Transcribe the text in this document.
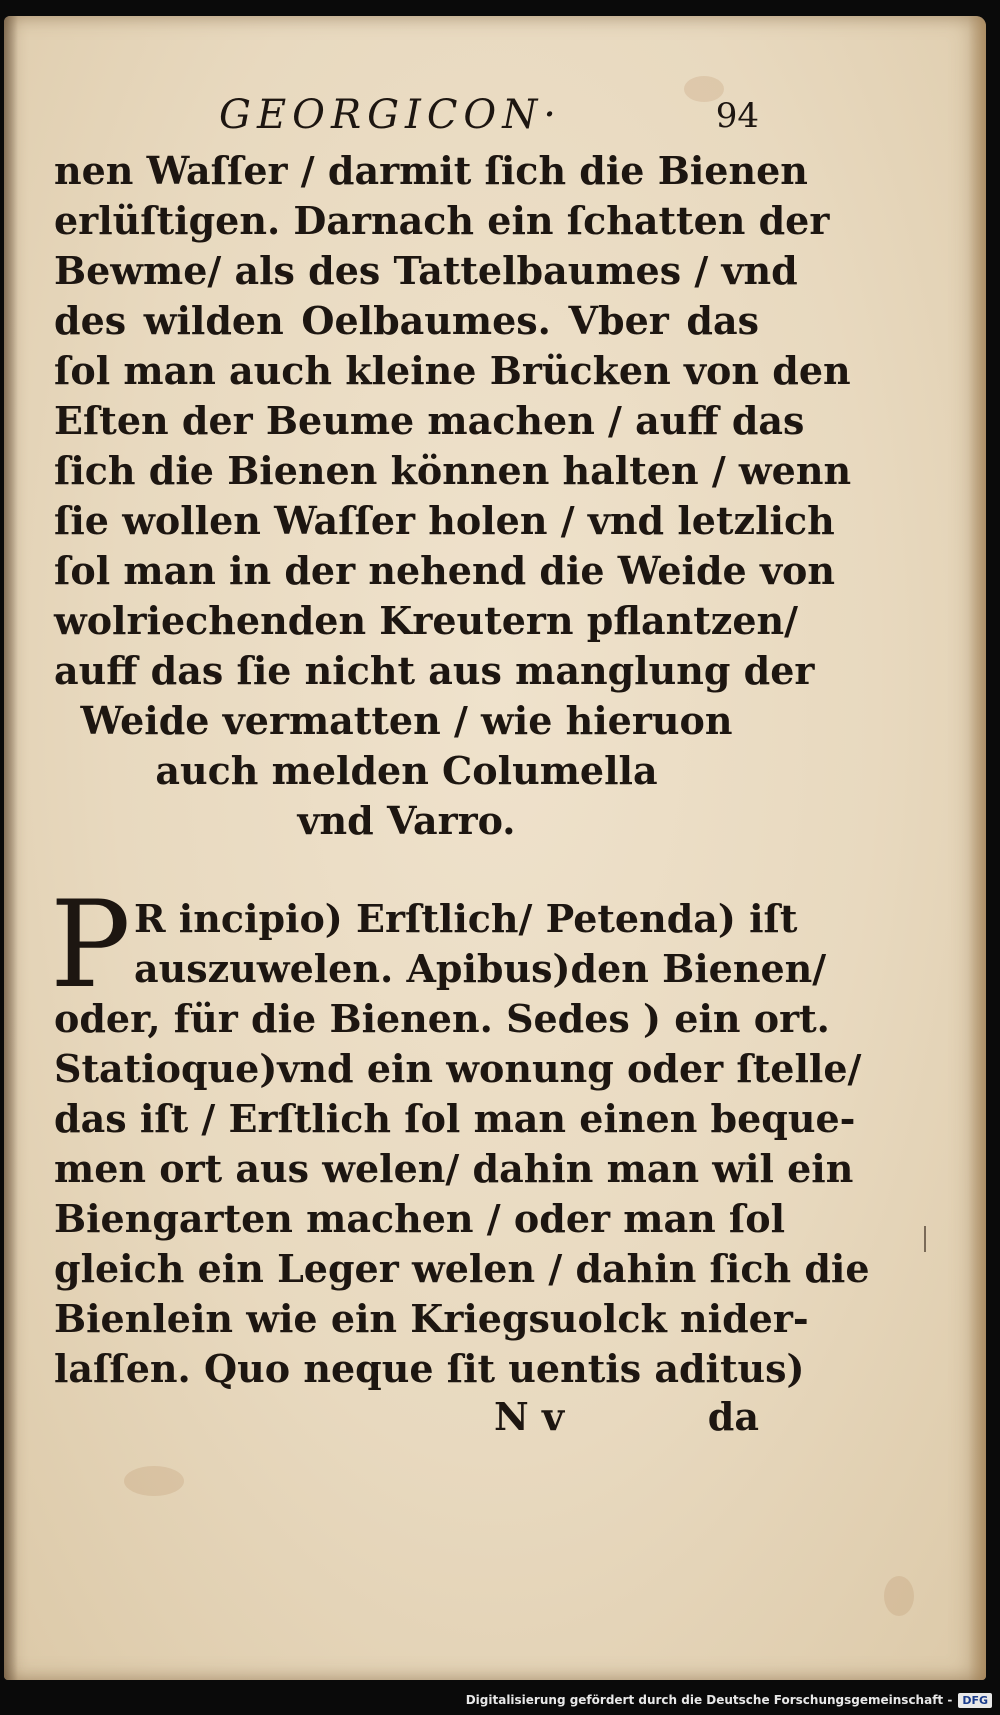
GEORGICON·	94
nen Waſſer / darmit ſich die Bienen
erlüſtigen. Darnach ein ſchatten der
Bewme/ als des Tattelbaumes / vnd
des wilden Oelbaumes. Vber das
ſol man auch kleine Brücken von den
Eſten der Beume machen / auff das
ſich die Bienen können halten / wenn
ſie wollen Waſſer holen / vnd letzlich
ſol man in der nehend die Weide von
wolriechenden Kreutern pflantzen/
auff das ſie nicht aus manglung der
Weide vermatten / wie hieruon
auch melden Columella
vnd Varro.
P R incipio) Erſtlich/ Petenda) iſt
auszuwelen. Apibus)den Bienen/
oder, für die Bienen. Sedes ) ein ort.
Statioque)vnd ein wonung oder ſtelle/
das iſt / Erſtlich ſol man einen beque-
men ort aus welen/ dahin man wil ein
Biengarten machen / oder man ſol
gleich ein Leger welen / dahin ſich die
Bienlein wie ein Kriegsuolck nider-
laſſen. Quo neque ſit uentis aditus)
N v	da
Digitalisierung gefördert durch die Deutsche Forschungsgemeinschaft - DFG
